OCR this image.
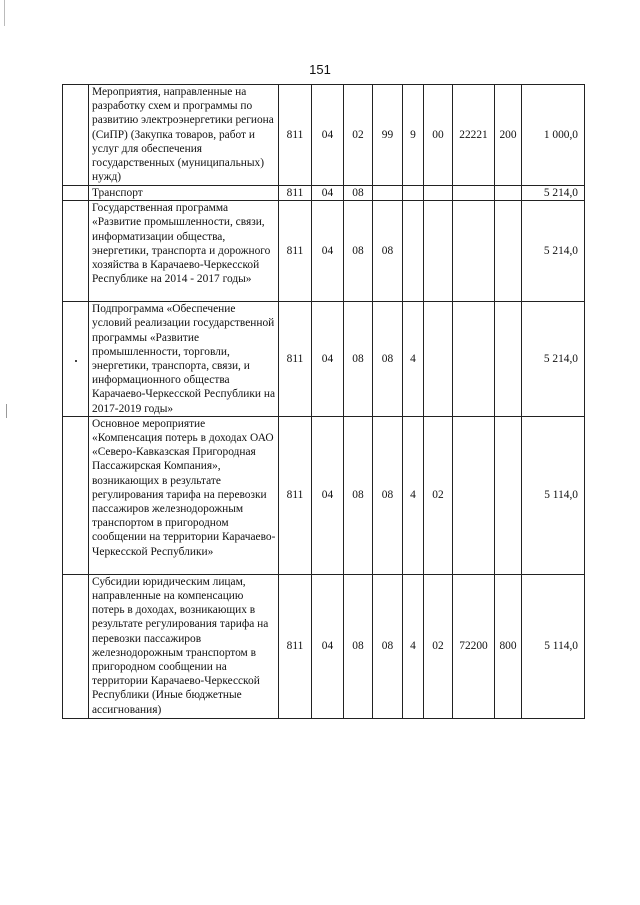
151
	Мероприятия, направленные на разработку схем и программы по развитию электроэнергетики региона (СиПР) (Закупка товаров, работ и услуг для обеспечения государственных (муниципальных) нужд)	811	04	02	99	9	00	22221	200	1 000,0
	Транспорт	811	04	08						5 214,0
	Государственная программа «Развитие промышленности, связи, информатизации общества, энергетики, транспорта и дорожного хозяйства в Карачаево-Черкесской Республике на 2014 - 2017 годы»	811	04	08	08					5 214,0
	Подпрограмма «Обеспечение условий реализации государственной программы «Развитие промышленности, торговли, энергетики, транспорта, связи, и информационного общества Карачаево-Черкесской Республики на 2017-2019 годы»	811	04	08	08	4				5 214,0
	Основное мероприятие «Компенсация потерь в доходах ОАО «Северо-Кавказская Пригородная Пассажирская Компания», возникающих в результате регулирования тарифа на перевозки пассажиров железнодорожным транспортом в пригородном сообщении на территории Карачаево-Черкесской Республики»	811	04	08	08	4	02			5 114,0
	Субсидии юридическим лицам, направленные на компенсацию потерь в доходах, возникающих в результате регулирования тарифа на перевозки пассажиров железнодорожным транспортом в пригородном сообщении на территории Карачаево-Черкесской Республики (Иные бюджетные ассигнования)	811	04	08	08	4	02	72200	800	5 114,0
